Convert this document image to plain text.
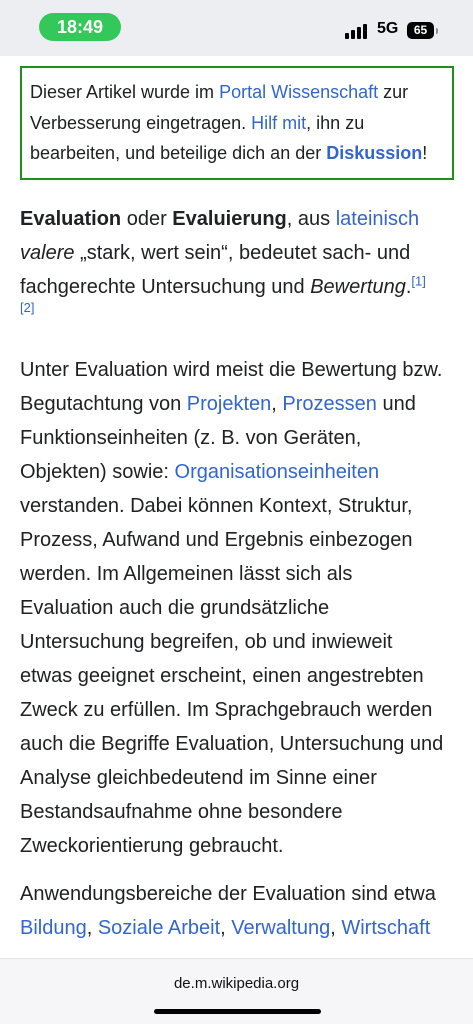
18:49	5G	65
Dieser Artikel wurde im Portal Wissenschaft zur Verbesserung eingetragen. Hilf mit, ihn zu bearbeiten, und beteilige dich an der Diskussion!

Evaluation oder Evaluierung, aus lateinisch
valere „stark, wert sein“, bedeutet sach- und fachgerechte Untersuchung und Bewertung.[1]
[2]

Unter Evaluation wird meist die Bewertung bzw. Begutachtung von Projekten, Prozessen und Funktionseinheiten (z. B. von Geräten, Objekten) sowie: Organisationseinheiten verstanden. Dabei können Kontext, Struktur, Prozess, Aufwand und Ergebnis einbezogen werden. Im Allgemeinen lässt sich als Evaluation auch die grundsätzliche Untersuchung begreifen, ob und inwieweit etwas geeignet erscheint, einen angestrebten Zweck zu erfüllen. Im Sprachgebrauch werden auch die Begriffe Evaluation, Untersuchung und Analyse gleichbedeutend im Sinne einer Bestandsaufnahme ohne besondere Zweckorientierung gebraucht.

Anwendungsbereiche der Evaluation sind etwa Bildung, Soziale Arbeit, Verwaltung, Wirtschaft

de.m.wikipedia.org
